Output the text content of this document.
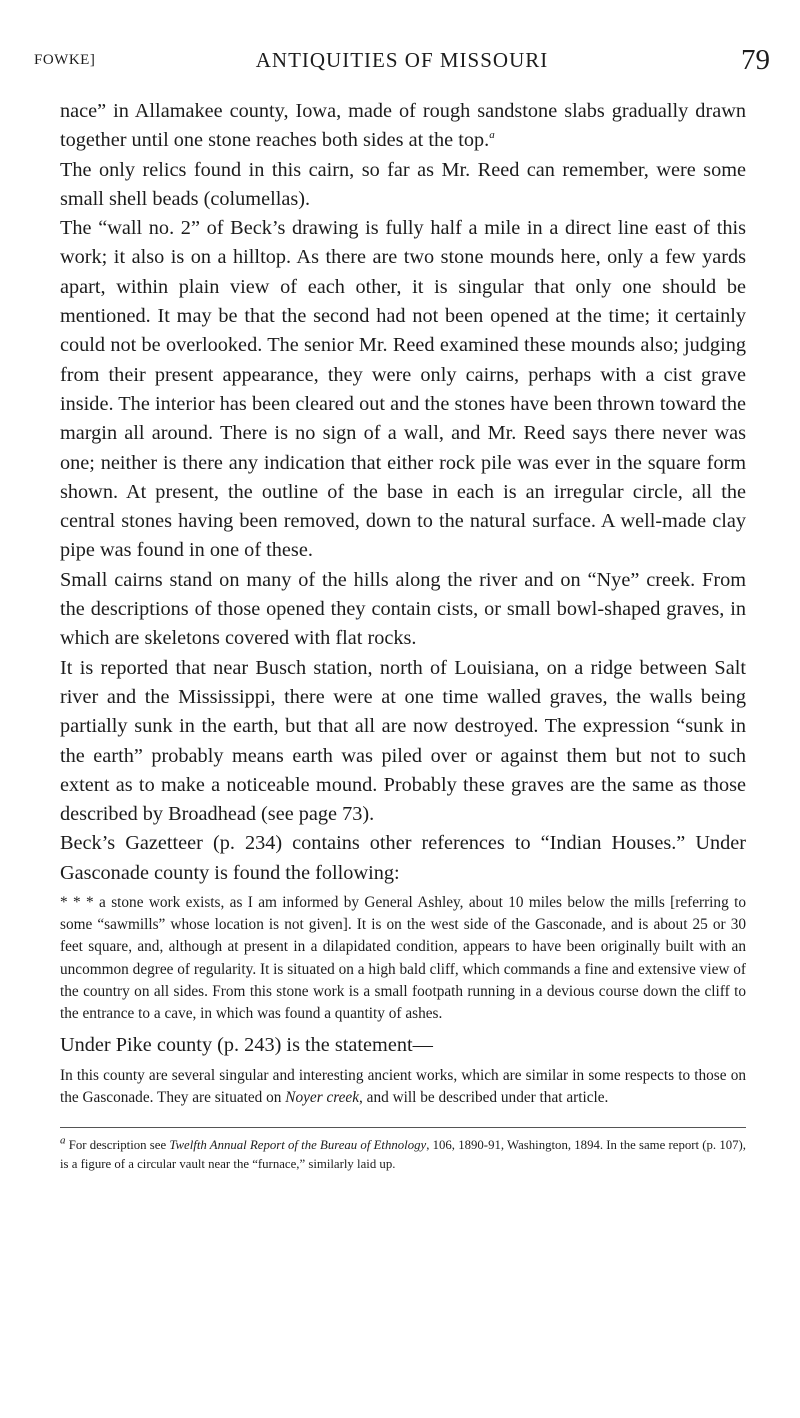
FOWKE]	ANTIQUITIES OF MISSOURI	79

nace” in Allamakee county, Iowa, made of rough sandstone slabs gradually drawn together until one stone reaches both sides at the top.$^a$

The only relics found in this cairn, so far as Mr. Reed can remember, were some small shell beads (columellas).

The “wall no. 2” of Beck’s drawing is fully half a mile in a direct line east of this work; it also is on a hilltop. As there are two stone mounds here, only a few yards apart, within plain view of each other, it is singular that only one should be mentioned. It may be that the second had not been opened at the time; it certainly could not be overlooked. The senior Mr. Reed examined these mounds also; judging from their present appearance, they were only cairns, perhaps with a cist grave inside. The interior has been cleared out and the stones have been thrown toward the margin all around. There is no sign of a wall, and Mr. Reed says there never was one; neither is there any indication that either rock pile was ever in the square form shown. At present, the outline of the base in each is an irregular circle, all the central stones having been removed, down to the natural surface. A well-made clay pipe was found in one of these.

Small cairns stand on many of the hills along the river and on “Nye” creek. From the descriptions of those opened they contain cists, or small bowl-shaped graves, in which are skeletons covered with flat rocks.

It is reported that near Busch station, north of Louisiana, on a ridge between Salt river and the Mississippi, there were at one time walled graves, the walls being partially sunk in the earth, but that all are now destroyed. The expression “sunk in the earth” probably means earth was piled over or against them but not to such extent as to make a noticeable mound. Probably these graves are the same as those described by Broadhead (see page 73).

Beck’s Gazetteer (p. 234) contains other references to “Indian Houses.” Under Gasconade county is found the following:

* * * a stone work exists, as I am informed by General Ashley, about 10 miles below the mills [referring to some “sawmills” whose location is not given]. It is on the west side of the Gasconade, and is about 25 or 30 feet square, and, although at present in a dilapidated condition, appears to have been originally built with an uncommon degree of regularity. It is situated on a high bald cliff, which commands a fine and extensive view of the country on all sides. From this stone work is a small footpath running in a devious course down the cliff to the entrance to a cave, in which was found a quantity of ashes.

Under Pike county (p. 243) is the statement—

In this county are several singular and interesting ancient works, which are similar in some respects to those on the Gasconade. They are situated on Noyer creek, and will be described under that article.
a For description see Twelfth Annual Report of the Bureau of Ethnology, 106, 1890-91, Washington, 1894. In the same report (p. 107), is a figure of a circular vault near the “furnace,” similarly laid up.
